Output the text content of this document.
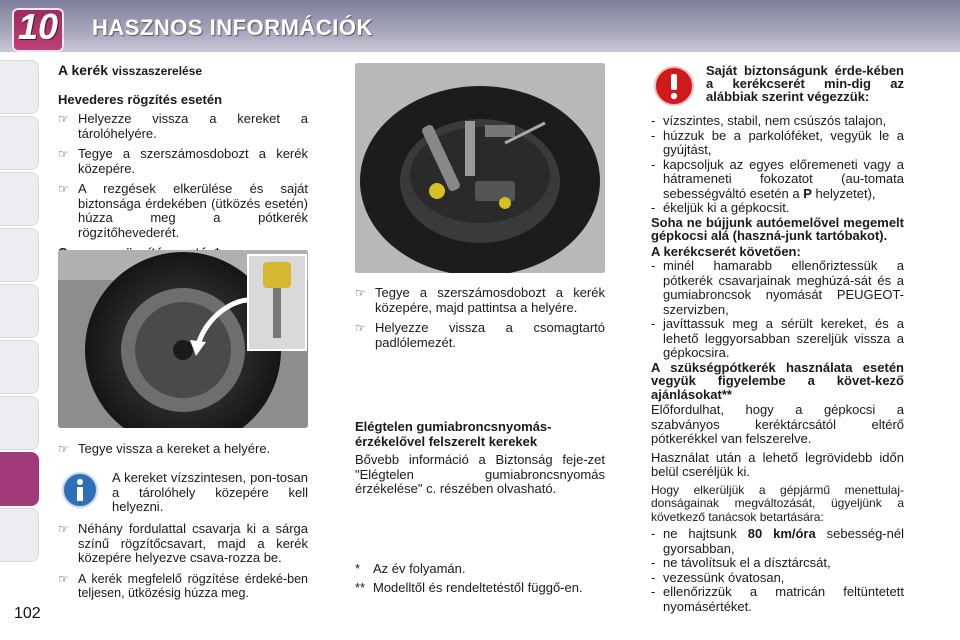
10 HASZNOS INFORMÁCIÓK
102
A kerék visszaszerelése
Hevederes rögzítés esetén
☞ Helyezze vissza a kereket a tárolóhelyére.
☞ Tegye a szerszámosdobozt a kerék közepére.
☞ A rezgések elkerülése és saját biztonsága érdekében (ütközés esetén) húzza meg a pótkerék rögzítőhevederét.
☞ Tegye vissza a kereket a helyére.
A kereket vízszintesen, pon-tosan a tárolóhely közepére kell helyezni.
☞ Néhány fordulattal csavarja ki a sárga színű rögzítőcsavart, majd a kerék közepére helyezve csava-rozza be.
☞ A kerék megfelelő rögzítése érdeké-ben teljesen, ütközésig húzza meg.
☞ Tegye a szerszámosdobozt a kerék közepére, majd pattintsa a helyére.
☞ Helyezze vissza a csomagtartó padlólemezét.
Elégtelen gumiabroncsnyomás-érzékelővel felszerelt kerekek

Bővebb információ a Biztonság feje-zet "Elégtelen gumiabroncsnyomás érzékelése" c. részében olvasható.

* Az év folyamán.
** Modelltől és rendeltetéstől függő-en.
Saját biztonságunk érde-kében a kerékcserét min-dig az alábbiak szerint végezzük:
- vízszintes, stabil, nem csúszós talajon,
- húzzuk be a parkolóféket, vegyük le a gyújtást,
- kapcsoljuk az egyes előremeneti vagy a hátrameneti fokozatot (au-tomata sebességváltó esetén a P helyzetet),
- ékeljük ki a gépkocsit.
Soha ne bújjunk autóemelővel megemelt gépkocsi alá (haszná-junk tartóbakot).
A kerékcserét követően:
- minél hamarabb ellenőriztessük a pótkerék csavarjainak meghúzá-sát és a gumiabroncsok nyomását PEUGEOT-szervizben,
- javíttassuk meg a sérült kereket, és a lehető leggyorsabban szereljük vissza a gépkocsira.
A szükségpótkerék használata esetén vegyük figyelembe a követ-kező ajánlásokat**

Előfordulhat, hogy a gépkocsi a szabványos keréktárcsától eltérő pótkerékkel van felszerelve.

Használat után a lehető legrövidebb időn belül cseréljük ki.

Hogy elkerüljük a gépjármű menettulaj-donságainak megváltozását, ügyeljünk a következő tanácsok betartására:

- ne hajtsunk 80 km/óra sebesség-nél gyorsabban,
- ne távolítsuk el a dísztárcsát,
- vezessünk óvatosan,
- ellenőrizzük a matricán feltüntetett nyomásértéket.
